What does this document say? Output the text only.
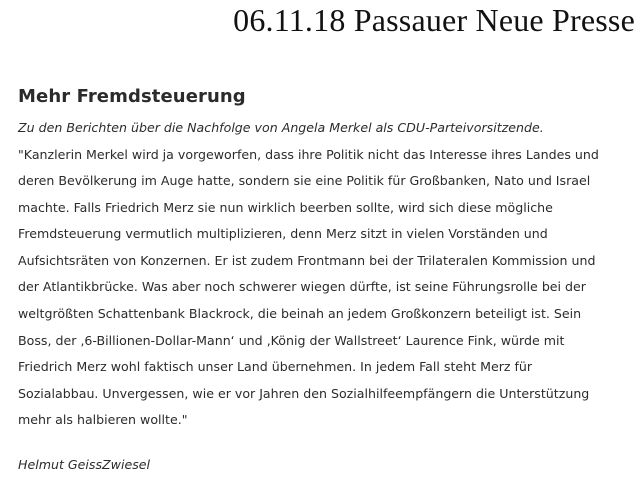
06.11.18 Passauer Neue Presse
Mehr Fremdsteuerung

Zu den Berichten über die Nachfolge von Angela Merkel als CDU-Parteivorsitzende.

"Kanzlerin Merkel wird ja vorgeworfen, dass ihre Politik nicht das Interesse ihres Landes und
deren Bevölkerung im Auge hatte, sondern sie eine Politik für Großbanken, Nato und Israel
machte. Falls Friedrich Merz sie nun wirklich beerben sollte, wird sich diese mögliche
Fremdsteuerung vermutlich multiplizieren, denn Merz sitzt in vielen Vorständen und
Aufsichtsräten von Konzernen. Er ist zudem Frontmann bei der Trilateralen Kommission und
der Atlantikbrücke. Was aber noch schwerer wiegen dürfte, ist seine Führungsrolle bei der
weltgrößten Schattenbank Blackrock, die beinah an jedem Großkonzern beteiligt ist. Sein
Boss, der ‚6-Billionen-Dollar-Mann‘ und ‚König der Wallstreet‘ Laurence Fink, würde mit
Friedrich Merz wohl faktisch unser Land übernehmen. In jedem Fall steht Merz für
Sozialabbau. Unvergessen, wie er vor Jahren den Sozialhilfeempfängern die Unterstützung
mehr als halbieren wollte."

Helmut GeissZwiesel
